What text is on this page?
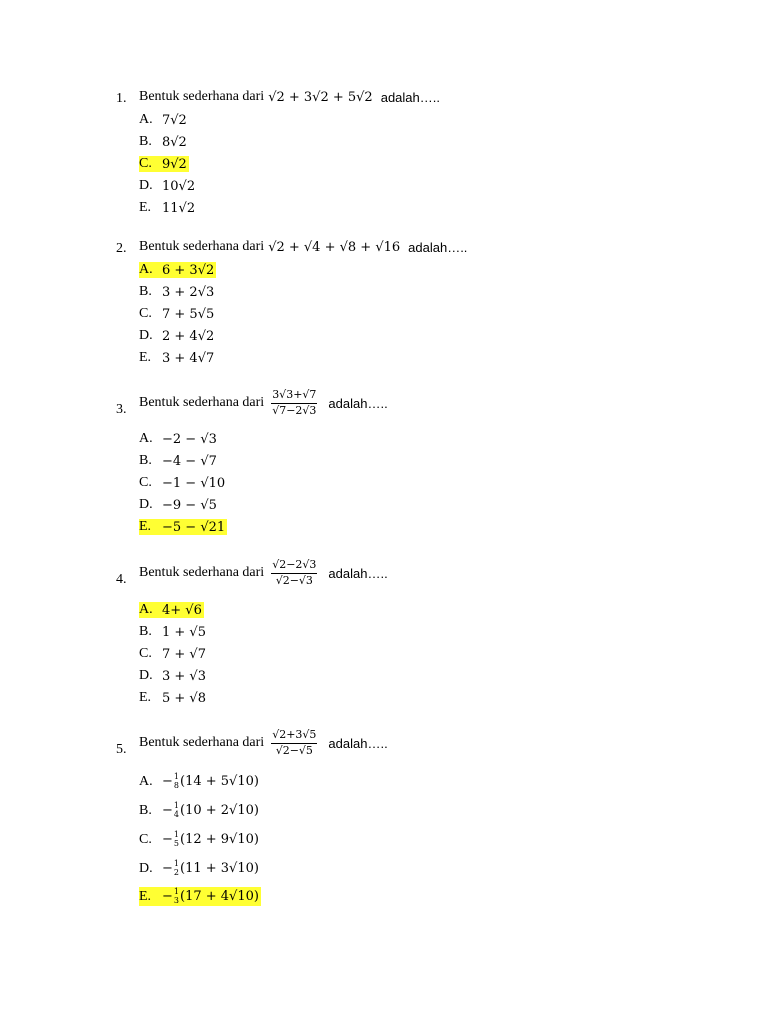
1. Bentuk sederhana dari √2 + 3√2 + 5√2 adalah…..
A. 7√2
B. 8√2
C. 9√2
D. 10√2
E. 11√2
2. Bentuk sederhana dari √2 + √4 + √8 + √16 adalah…..
A. 6 + 3√2
B. 3 + 2√3
C. 7 + 5√5
D. 2 + 4√2
E. 3 + 4√7
3. Bentuk sederhana dari $\frac{3√3+√7}{√7-2√3}$ adalah…..
A. −2 − √3
B. −4 − √7
C. −1 − √10
D. −9 − √5
E. −5 − √21
4. Bentuk sederhana dari $\frac{√2-2√3}{√2-√3}$ adalah…..
A. 4+ √6
B. 1 + √5
C. 7 + √7
D. 3 + √3
E. 5 + √8
5. Bentuk sederhana dari $\frac{√2+3√5}{√2-√5}$ adalah…..
A. − 1
8 (14 + 5√10)
B. − 1
4 (10 + 2√10)
C. − 1
5 (12 + 9√10)
D. − 1
2 (11 + 3√10)
E. − 1
3 (17 + 4√10)
